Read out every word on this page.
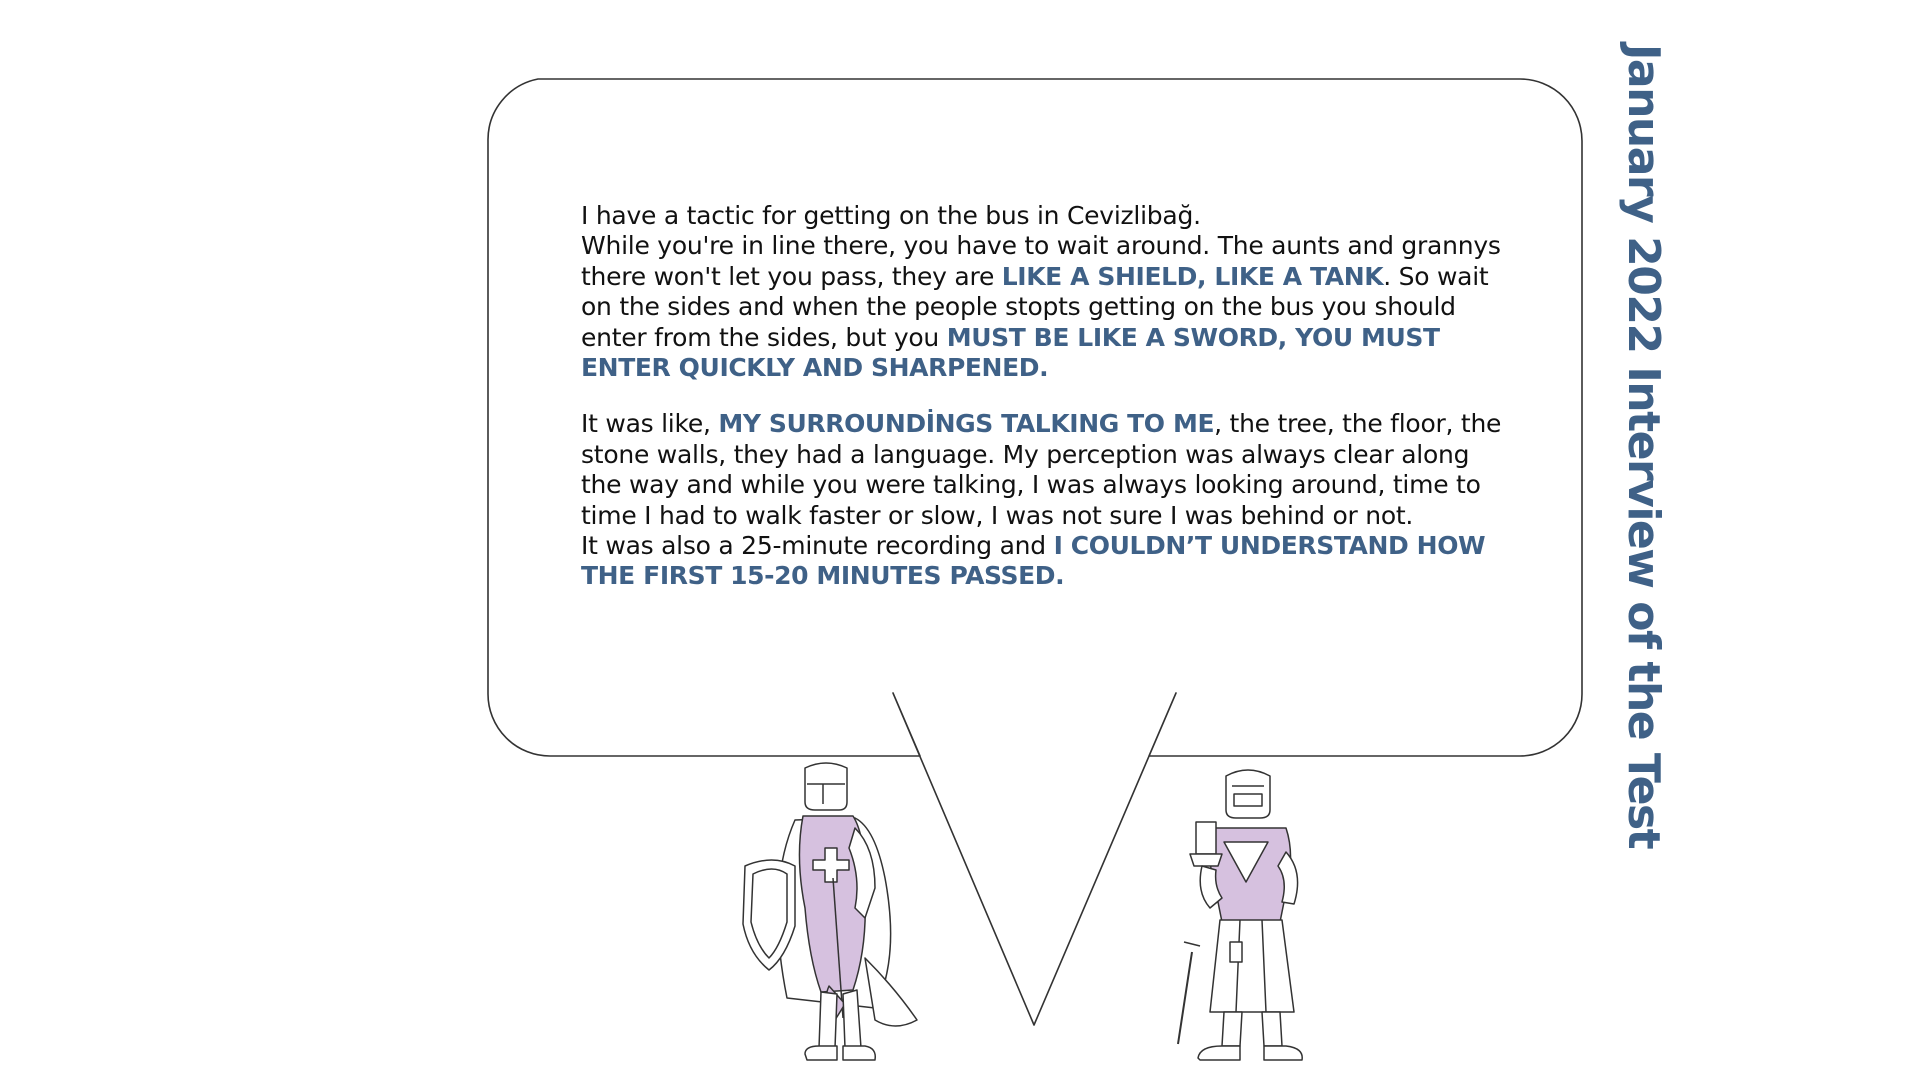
I have a tactic for getting on the bus in Cevizlibağ.
While you're in line there, you have to wait around. The aunts and grannys there won't let you pass, they are LIKE A SHIELD, LIKE A TANK. So wait on the sides and when the people stopts getting on the bus you should enter from the sides, but you MUST BE LIKE A SWORD, YOU MUST ENTER QUICKLY AND SHARPENED.

It was like, MY SURROUNDİNGS TALKING TO ME, the tree, the floor, the stone walls, they had a language. My perception was always clear along the way and while you were talking, I was always looking around, time to time I had to walk faster or slow, I was not sure I was behind or not.
It was also a 25-minute recording and I COULDN’T UNDERSTAND HOW THE FIRST 15-20 MINUTES PASSED.	January 2022 Interview of the Test
